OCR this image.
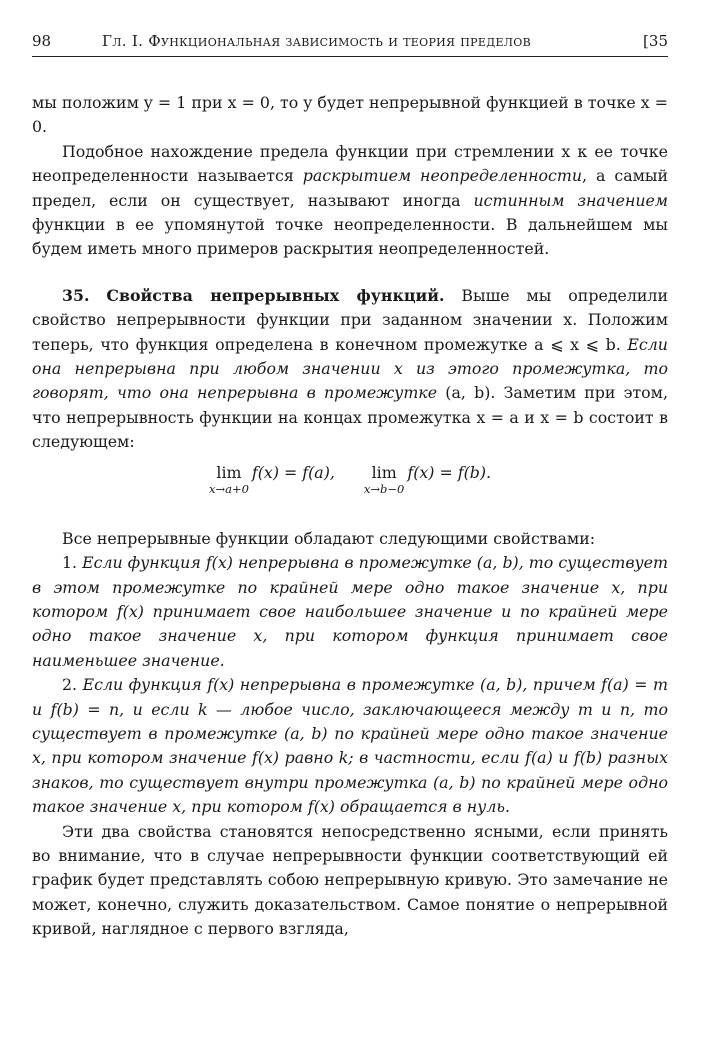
98	Гл. I. Функциональная зависимость и теория пределов	[35

мы положим y = 1 при x = 0, то y будет непрерывной функцией в точке x = 0.

Подобное нахождение предела функции при стремлении x к ее точке неопределенности называется раскрытием неопределенности, а самый предел, если он существует, называют иногда истинным значением функции в ее упомянутой точке неопределенности. В дальнейшем мы будем иметь много примеров раскрытия неопределенностей.

35. Свойства непрерывных функций. Выше мы определили свойство непрерывности функции при заданном значении x. Положим теперь, что функция определена в конечном промежутке a ⩽ x ⩽ b. Если она непрерывна при любом значении x из этого промежутка, то говорят, что она непрерывна в промежутке (a, b). Заметим при этом, что непрерывность функции на концах промежутка x = a и x = b состоит в следующем:

lim
x→a+0
f(x) = f(a),
	lim
x→b−0
f(x) = f(b).

Все непрерывные функции обладают следующими свойствами:

1. Если функция f(x) непрерывна в промежутке (a, b), то существует в этом промежутке по крайней мере одно такое значение x, при котором f(x) принимает свое наибольшее значение и по крайней мере одно такое значение x, при котором функция принимает свое наименьшее значение.

2. Если функция f(x) непрерывна в промежутке (a, b), причем f(a) = m и f(b) = n, и если k — любое число, заключающееся между m и n, то существует в промежутке (a, b) по крайней мере одно такое значение x, при котором значение f(x) равно k; в частности, если f(a) и f(b) разных знаков, то существует внутри промежутка (a, b) по крайней мере одно такое значение x, при котором f(x) обращается в нуль.

Эти два свойства становятся непосредственно ясными, если принять во внимание, что в случае непрерывности функции соответствующий ей график будет представлять собою непрерывную кривую. Это замечание не может, конечно, служить доказательством. Самое понятие о непрерывной кривой, наглядное с первого взгляда,
